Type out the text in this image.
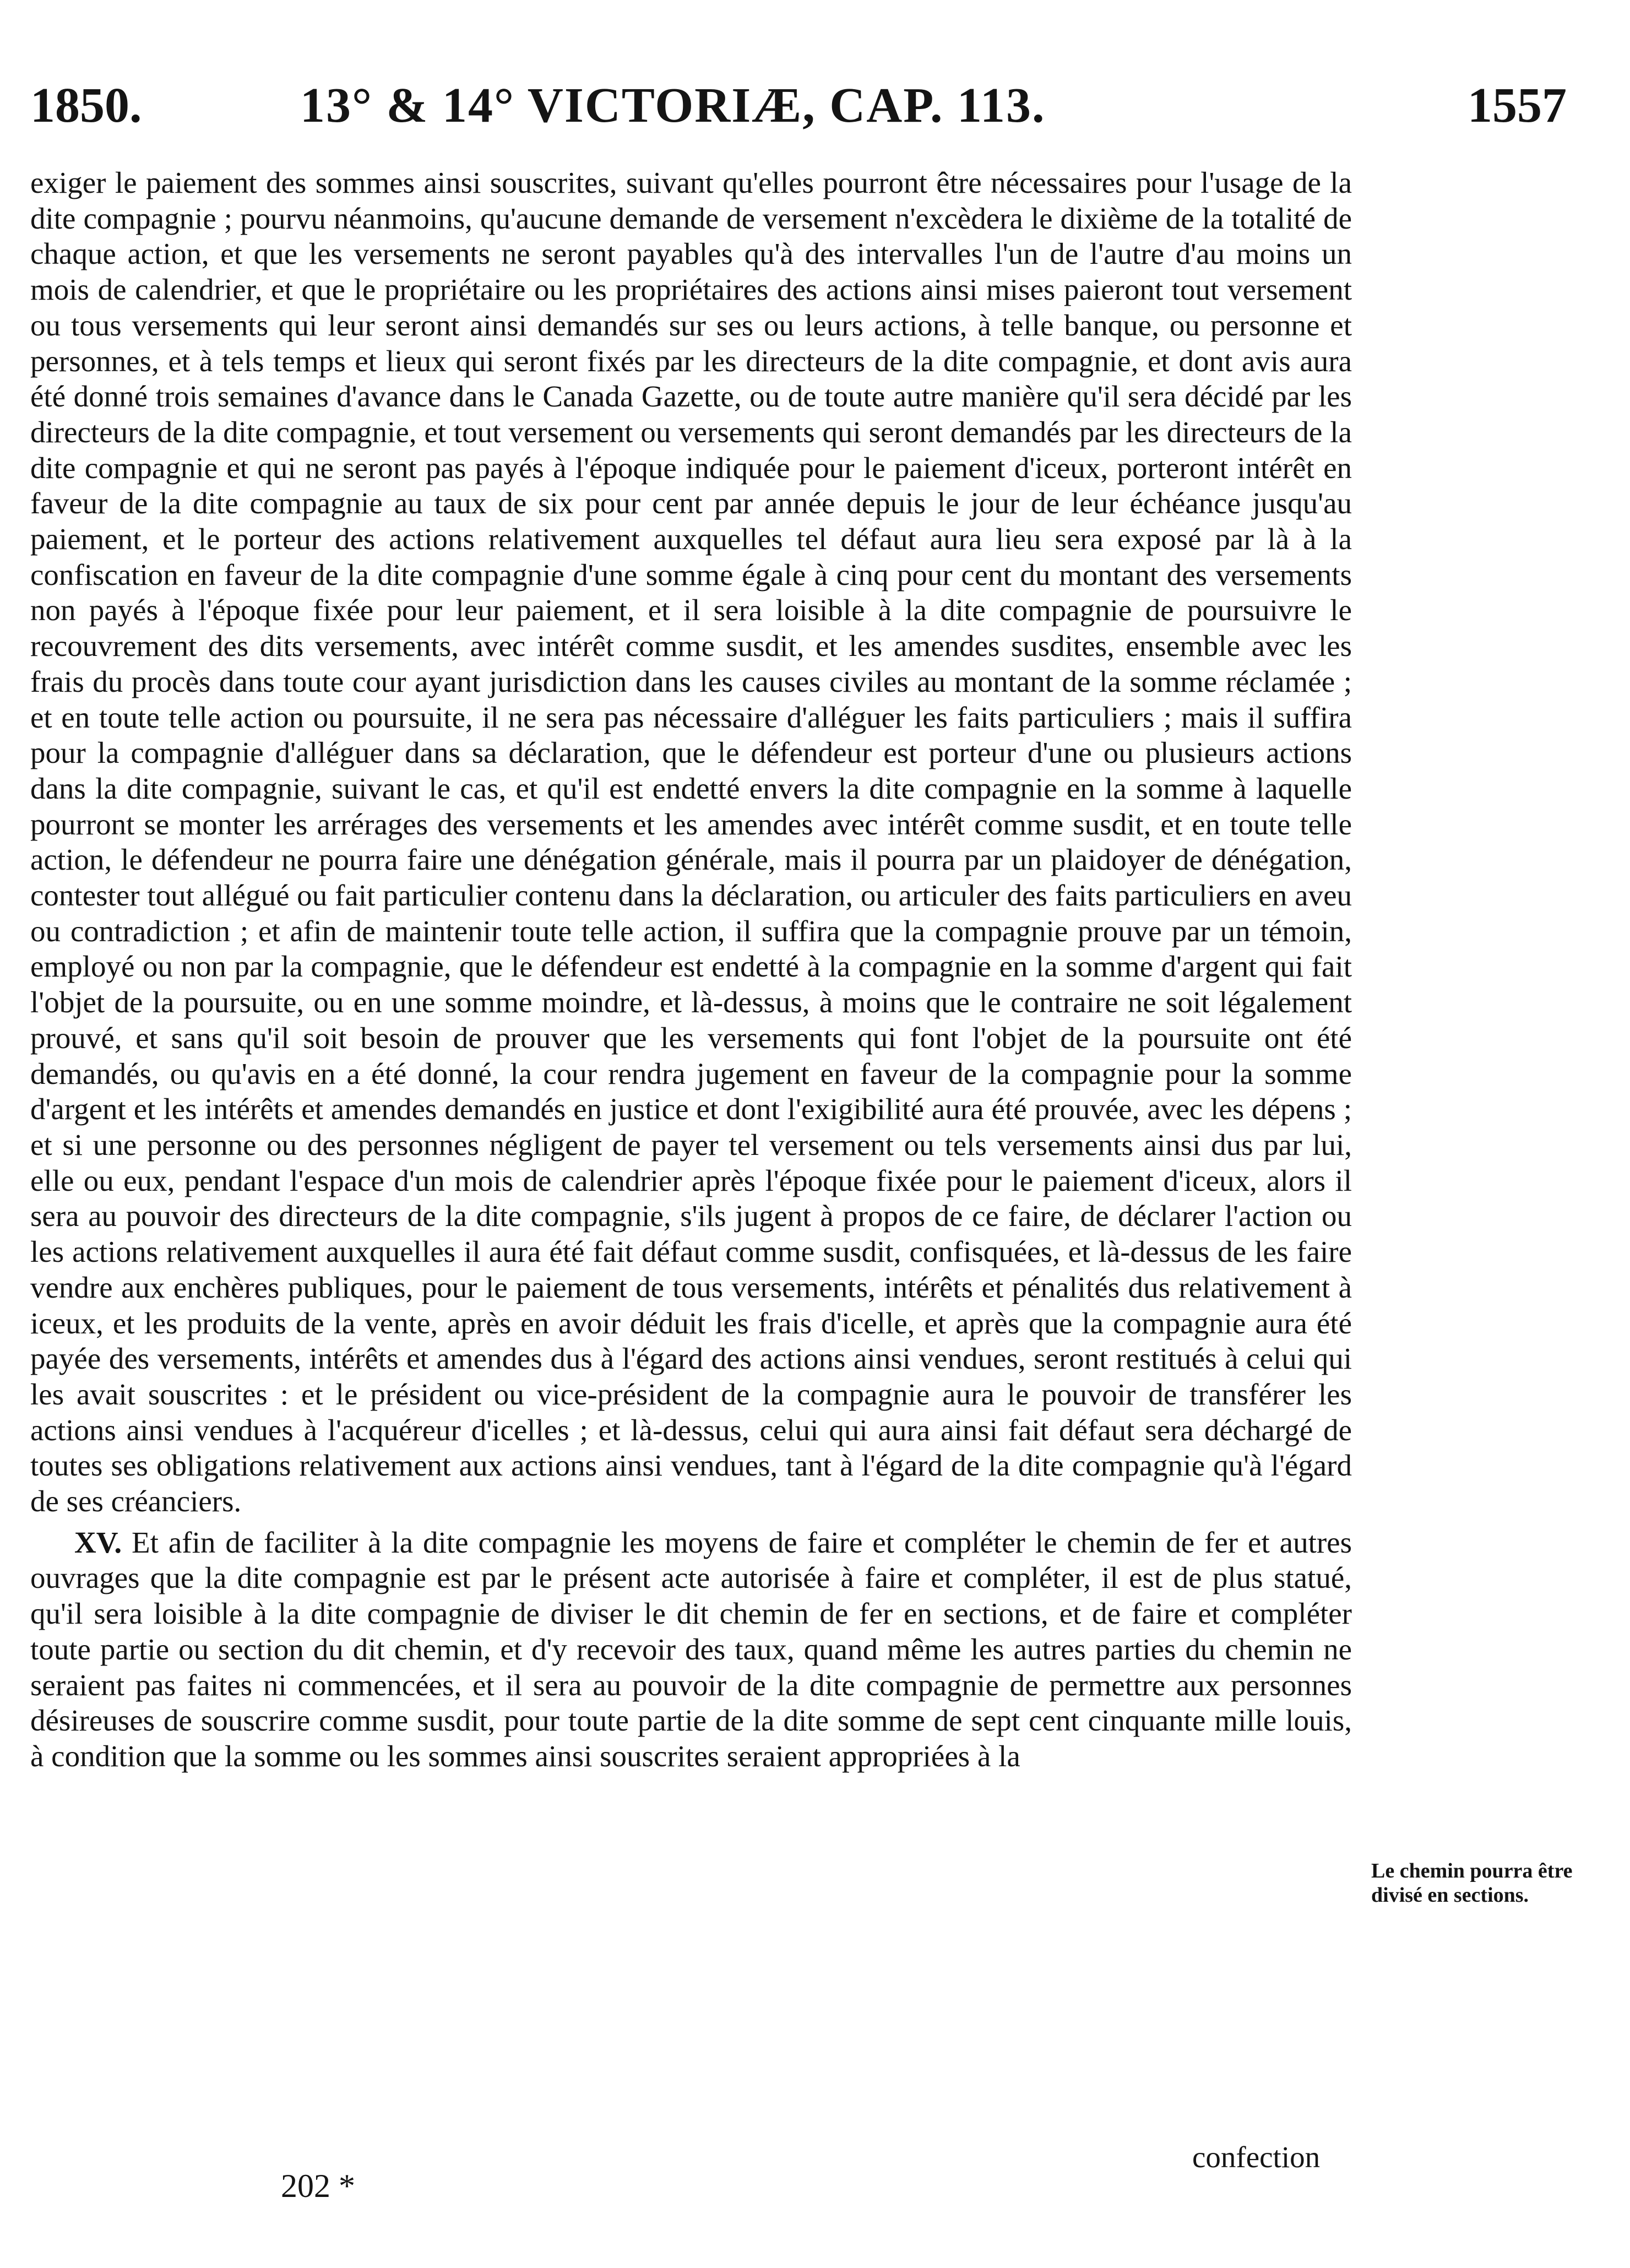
1850.	13° & 14° VICTORIÆ, CAP. 113.	1557

exiger le paiement des sommes ainsi souscrites, suivant qu'elles pourront être nécessaires pour l'usage de la dite compagnie ; pourvu néanmoins, qu'aucune demande de versement n'excèdera le dixième de la totalité de chaque action, et que les versements ne seront payables qu'à des intervalles l'un de l'autre d'au moins un mois de calendrier, et que le propriétaire ou les propriétaires des actions ainsi mises paieront tout versement ou tous versements qui leur seront ainsi demandés sur ses ou leurs actions, à telle banque, ou personne et personnes, et à tels temps et lieux qui seront fixés par les directeurs de la dite compagnie, et dont avis aura été donné trois semaines d'avance dans le Canada Gazette, ou de toute autre manière qu'il sera décidé par les directeurs de la dite compagnie, et tout versement ou versements qui seront demandés par les directeurs de la dite compagnie et qui ne seront pas payés à l'époque indiquée pour le paiement d'iceux, porteront intérêt en faveur de la dite compagnie au taux de six pour cent par année depuis le jour de leur échéance jusqu'au paiement, et le porteur des actions relativement auxquelles tel défaut aura lieu sera exposé par là à la confiscation en faveur de la dite compagnie d'une somme égale à cinq pour cent du montant des versements non payés à l'époque fixée pour leur paiement, et il sera loisible à la dite compagnie de poursuivre le recouvrement des dits versements, avec intérêt comme susdit, et les amendes susdites, ensemble avec les frais du procès dans toute cour ayant jurisdiction dans les causes civiles au montant de la somme réclamée ; et en toute telle action ou poursuite, il ne sera pas nécessaire d'alléguer les faits particuliers ; mais il suffira pour la compagnie d'alléguer dans sa déclaration, que le défendeur est porteur d'une ou plusieurs actions dans la dite compagnie, suivant le cas, et qu'il est endetté envers la dite compagnie en la somme à laquelle pourront se monter les arrérages des versements et les amendes avec intérêt comme susdit, et en toute telle action, le défendeur ne pourra faire une dénégation générale, mais il pourra par un plaidoyer de dénégation, contester tout allégué ou fait particulier contenu dans la déclaration, ou articuler des faits particuliers en aveu ou contradiction ; et afin de maintenir toute telle action, il suffira que la compagnie prouve par un témoin, employé ou non par la compagnie, que le défendeur est endetté à la compagnie en la somme d'argent qui fait l'objet de la poursuite, ou en une somme moindre, et là-dessus, à moins que le contraire ne soit légalement prouvé, et sans qu'il soit besoin de prouver que les versements qui font l'objet de la poursuite ont été demandés, ou qu'avis en a été donné, la cour rendra jugement en faveur de la compagnie pour la somme d'argent et les intérêts et amendes demandés en justice et dont l'exigibilité aura été prouvée, avec les dépens ; et si une personne ou des personnes négligent de payer tel versement ou tels versements ainsi dus par lui, elle ou eux, pendant l'espace d'un mois de calendrier après l'époque fixée pour le paiement d'iceux, alors il sera au pouvoir des directeurs de la dite compagnie, s'ils jugent à propos de ce faire, de déclarer l'action ou les actions relativement auxquelles il aura été fait défaut comme susdit, confisquées, et là-dessus de les faire vendre aux enchères publiques, pour le paiement de tous versements, intérêts et pénalités dus relativement à iceux, et les produits de la vente, après en avoir déduit les frais d'icelle, et après que la compagnie aura été payée des versements, intérêts et amendes dus à l'égard des actions ainsi vendues, seront restitués à celui qui les avait souscrites : et le président ou vice-président de la compagnie aura le pouvoir de transférer les actions ainsi vendues à l'acquéreur d'icelles ; et là-dessus, celui qui aura ainsi fait défaut sera déchargé de toutes ses obligations relativement aux actions ainsi vendues, tant à l'égard de la dite compagnie qu'à l'égard de ses créanciers.

XV. Et afin de faciliter à la dite compagnie les moyens de faire et compléter le chemin de fer et autres ouvrages que la dite compagnie est par le présent acte autorisée à faire et compléter, il est de plus statué, qu'il sera loisible à la dite compagnie de diviser le dit chemin de fer en sections, et de faire et compléter toute partie ou section du dit chemin, et d'y recevoir des taux, quand même les autres parties du chemin ne seraient pas faites ni commencées, et il sera au pouvoir de la dite compagnie de permettre aux personnes désireuses de souscrire comme susdit, pour toute partie de la dite somme de sept cent cinquante mille louis, à condition que la somme ou les sommes ainsi souscrites seraient appropriées à la

Le chemin pourra être divisé en sections.
202 *
confection
